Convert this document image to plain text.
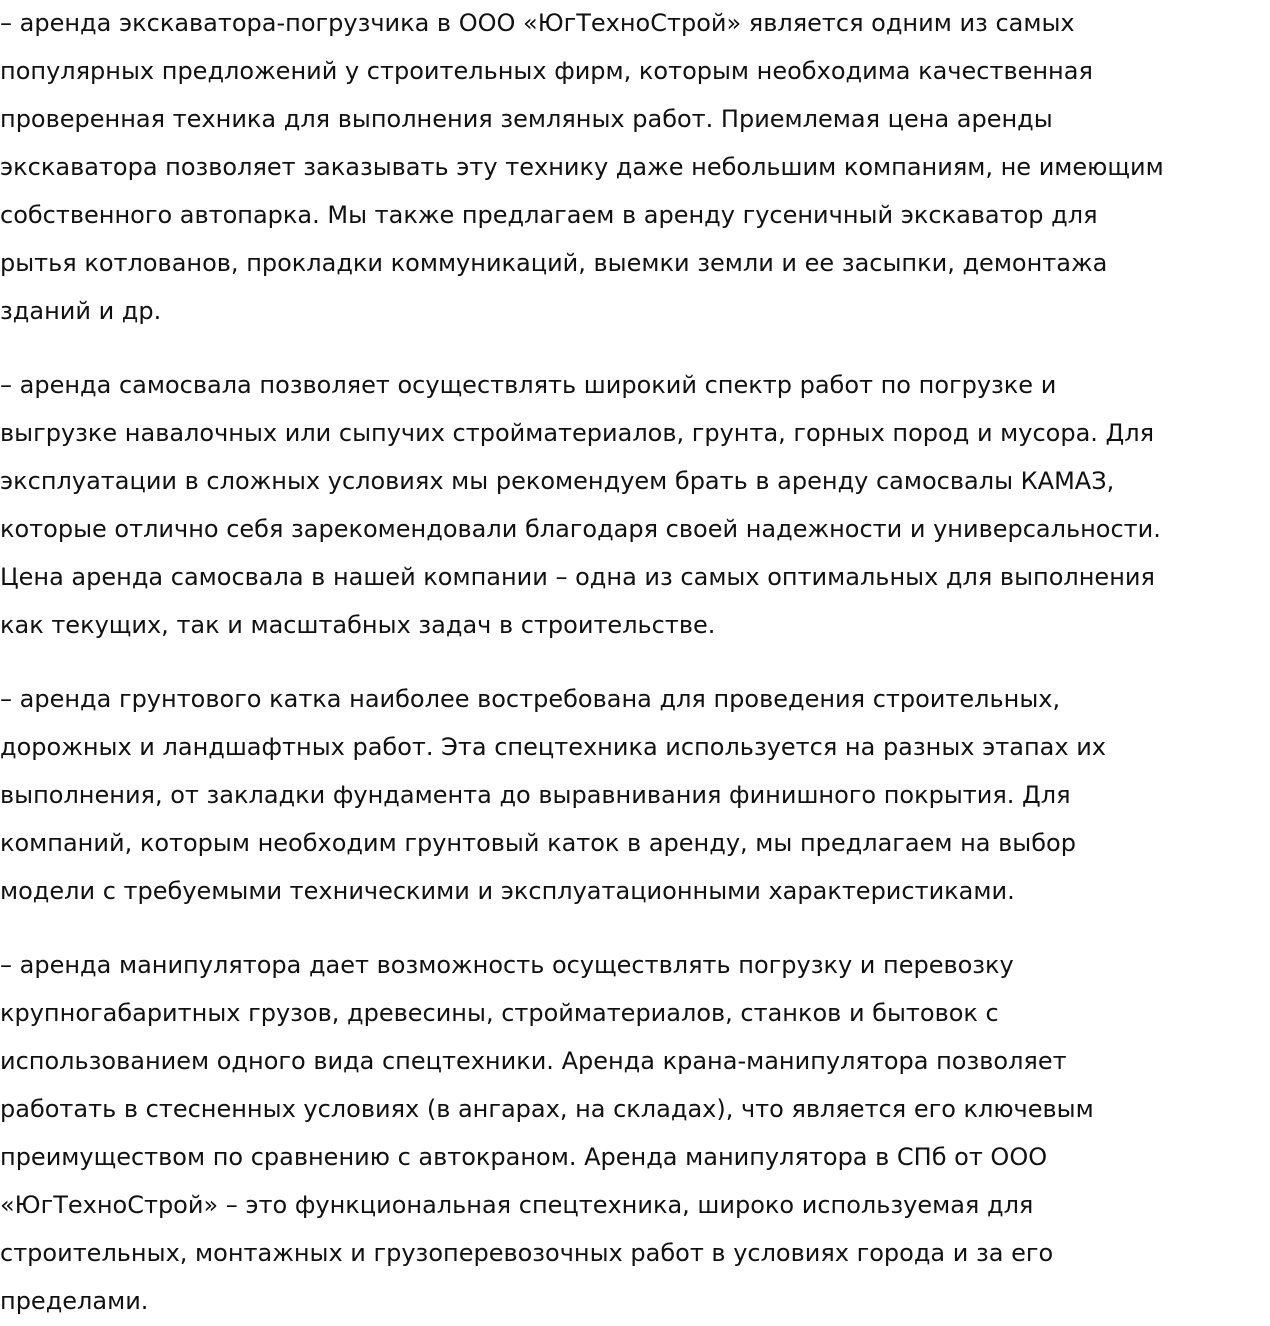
– аренда экскаватора-погрузчика в ООО «ЮгТехноСтрой» является одним из самых
популярных предложений у строительных фирм, которым необходима качественная
проверенная техника для выполнения земляных работ. Приемлемая цена аренды
экскаватора позволяет заказывать эту технику даже небольшим компаниям, не имеющим
собственного автопарка. Мы также предлагаем в аренду гусеничный экскаватор для
рытья котлованов, прокладки коммуникаций, выемки земли и ее засыпки, демонтажа
зданий и др.

– аренда самосвала позволяет осуществлять широкий спектр работ по погрузке и
выгрузке навалочных или сыпучих стройматериалов, грунта, горных пород и мусора. Для
эксплуатации в сложных условиях мы рекомендуем брать в аренду самосвалы КАМАЗ,
которые отлично себя зарекомендовали благодаря своей надежности и универсальности.
Цена аренда самосвала в нашей компании – одна из самых оптимальных для выполнения
как текущих, так и масштабных задач в строительстве.

– аренда грунтового катка наиболее востребована для проведения строительных,
дорожных и ландшафтных работ. Эта спецтехника используется на разных этапах их
выполнения, от закладки фундамента до выравнивания финишного покрытия. Для
компаний, которым необходим грунтовый каток в аренду, мы предлагаем на выбор
модели с требуемыми техническими и эксплуатационными характеристиками.

– аренда манипулятора дает возможность осуществлять погрузку и перевозку
крупногабаритных грузов, древесины, стройматериалов, станков и бытовок с
использованием одного вида спецтехники. Аренда крана-манипулятора позволяет
работать в стесненных условиях (в ангарах, на складах), что является его ключевым
преимуществом по сравнению с автокраном. Аренда манипулятора в СПб от ООО
«ЮгТехноСтрой» – это функциональная спецтехника, широко используемая для
строительных, монтажных и грузоперевозочных работ в условиях города и за его
пределами.
